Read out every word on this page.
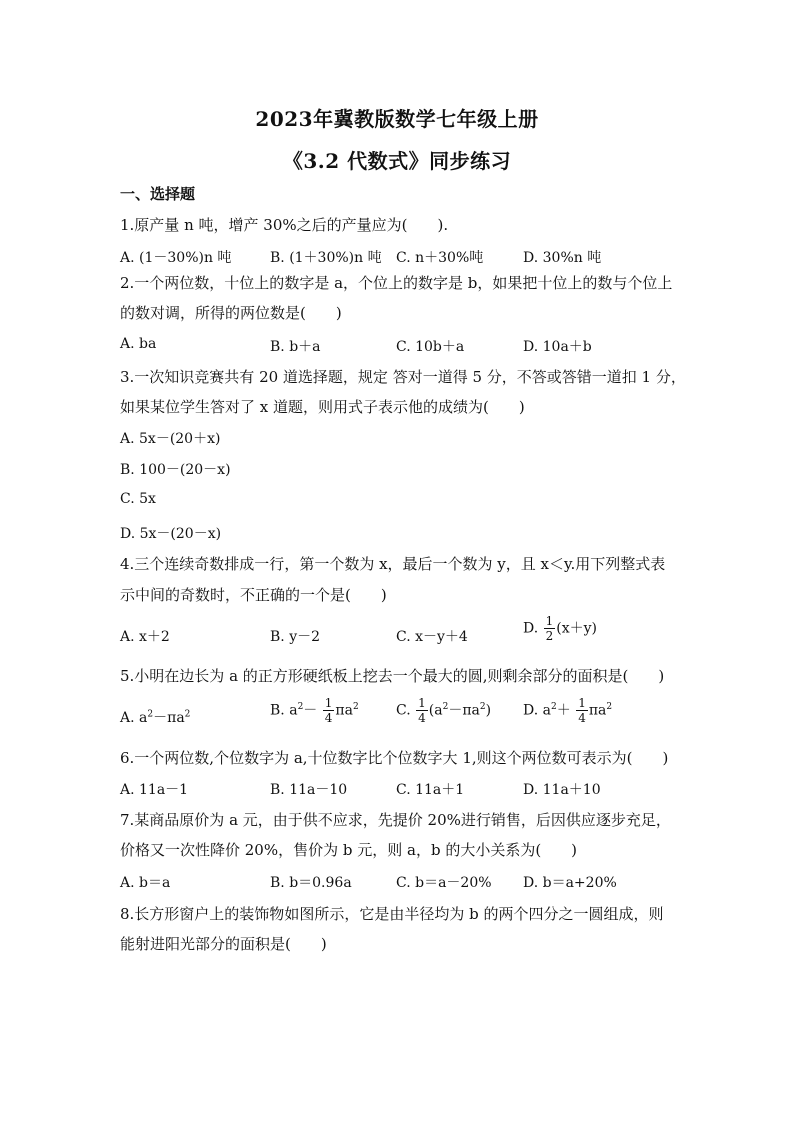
2023年冀教版数学七年级上册
《3.2 代数式》同步练习
一、选择题
1.原产量 n 吨，增产 30%之后的产量应为(　　).
A. (1－30%)n 吨	B. (1＋30%)n 吨 C. n＋30%吨	D. 30%n 吨
2.一个两位数，十位上的数字是 a，个位上的数字是 b，如果把十位上的数与个位上
的数对调，所得的两位数是(　　)
A. ba	B. b＋a	C. 10b＋a	D. 10a＋b
3.一次知识竞赛共有 20 道选择题，规定 答对一道得 5 分，不答或答错一道扣 1 分，
如果某位学生答对了 x 道题，则用式子表示他的成绩为(　　)
A. 5x－(20＋x)
B. 100－(20－x)
C. 5x
D. 5x－(20－x)
4.三个连续奇数排成一行，第一个数为 x，最后一个数为 y，且 x＜y.用下列整式表
示中间的奇数时，不正确的一个是(　　)
A. x＋2	B. y－2	C. x－y＋4
D. $\frac{1}{2} (x+y)$
5.小明在边长为 a 的正方形硬纸板上挖去一个最大的圆,则剩余部分的面积是(　　)
A. $a^2-\pi a^2$	B. $a^2- \frac{1}{4} \pi a^2$	C. $\frac{1}{4} (a^2-\pi a^2)$ D. $a^2+ \frac{1}{4} \pi a^2$
6.一个两位数,个位数字为 a,十位数字比个位数字大 1,则这个两位数可表示为(　　)
A. 11a－1	B. 11a－10	C. 11a＋1	D. 11a＋10
7.某商品原价为 a 元，由于供不应求，先提价 20%进行销售，后因供应逐步充足，
价格又一次性降价 20%，售价为 b 元，则 a，b 的大小关系为(　　)
A. b＝a	B. b＝0.96a	C. b＝a－20% D. b＝a+20%
8.长方形窗户上的装饰物如图所示，它是由半径均为 b 的两个四分之一圆组成，则
能射进阳光部分的面积是(　　)
